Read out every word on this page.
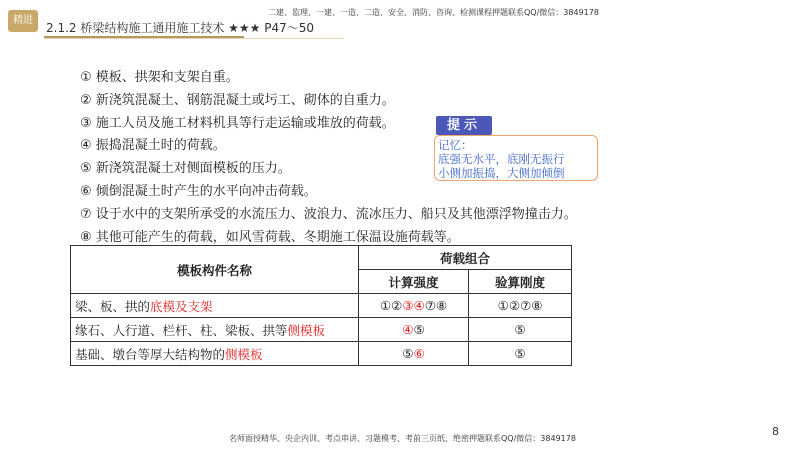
精进
二建、监理、一建、一造、二造、安全、消防、咨询、检测课程押题联系QQ/微信：3849178
2.1.2 桥梁结构施工通用施工技术 ★★★ P47～50
① 模板、拱架和支架自重。
② 新浇筑混凝土、钢筋混凝土或圬工、砌体的自重力。
③ 施工人员及施工材料机具等行走运输或堆放的荷载。
④ 振捣混凝土时的荷载。
⑤ 新浇筑混凝土对侧面模板的压力。
⑥ 倾倒混凝土时产生的水平向冲击荷载。
⑦ 设于水中的支架所承受的水流压力、波浪力、流冰压力、船只及其他漂浮物撞击力。
⑧ 其他可能产生的荷载，如风雪荷载、冬期施工保温设施荷载等。
提示
记忆：
底强无水平，底刚无振行
小侧加振捣，大侧加倾倒
模板构件名称	荷载组合	
	计算强度	验算刚度
梁、板、拱的底模及支架	①②③④⑦⑧	①②⑦⑧
缘石、人行道、栏杆、柱、梁板、拱等侧模板	④⑤	⑤
基础、墩台等厚大结构物的侧模板	⑤⑥	⑤
8
名师面授精华、央企内训、考点串讲、习题模考、考前三页纸、绝密押题联系QQ/微信：3849178
